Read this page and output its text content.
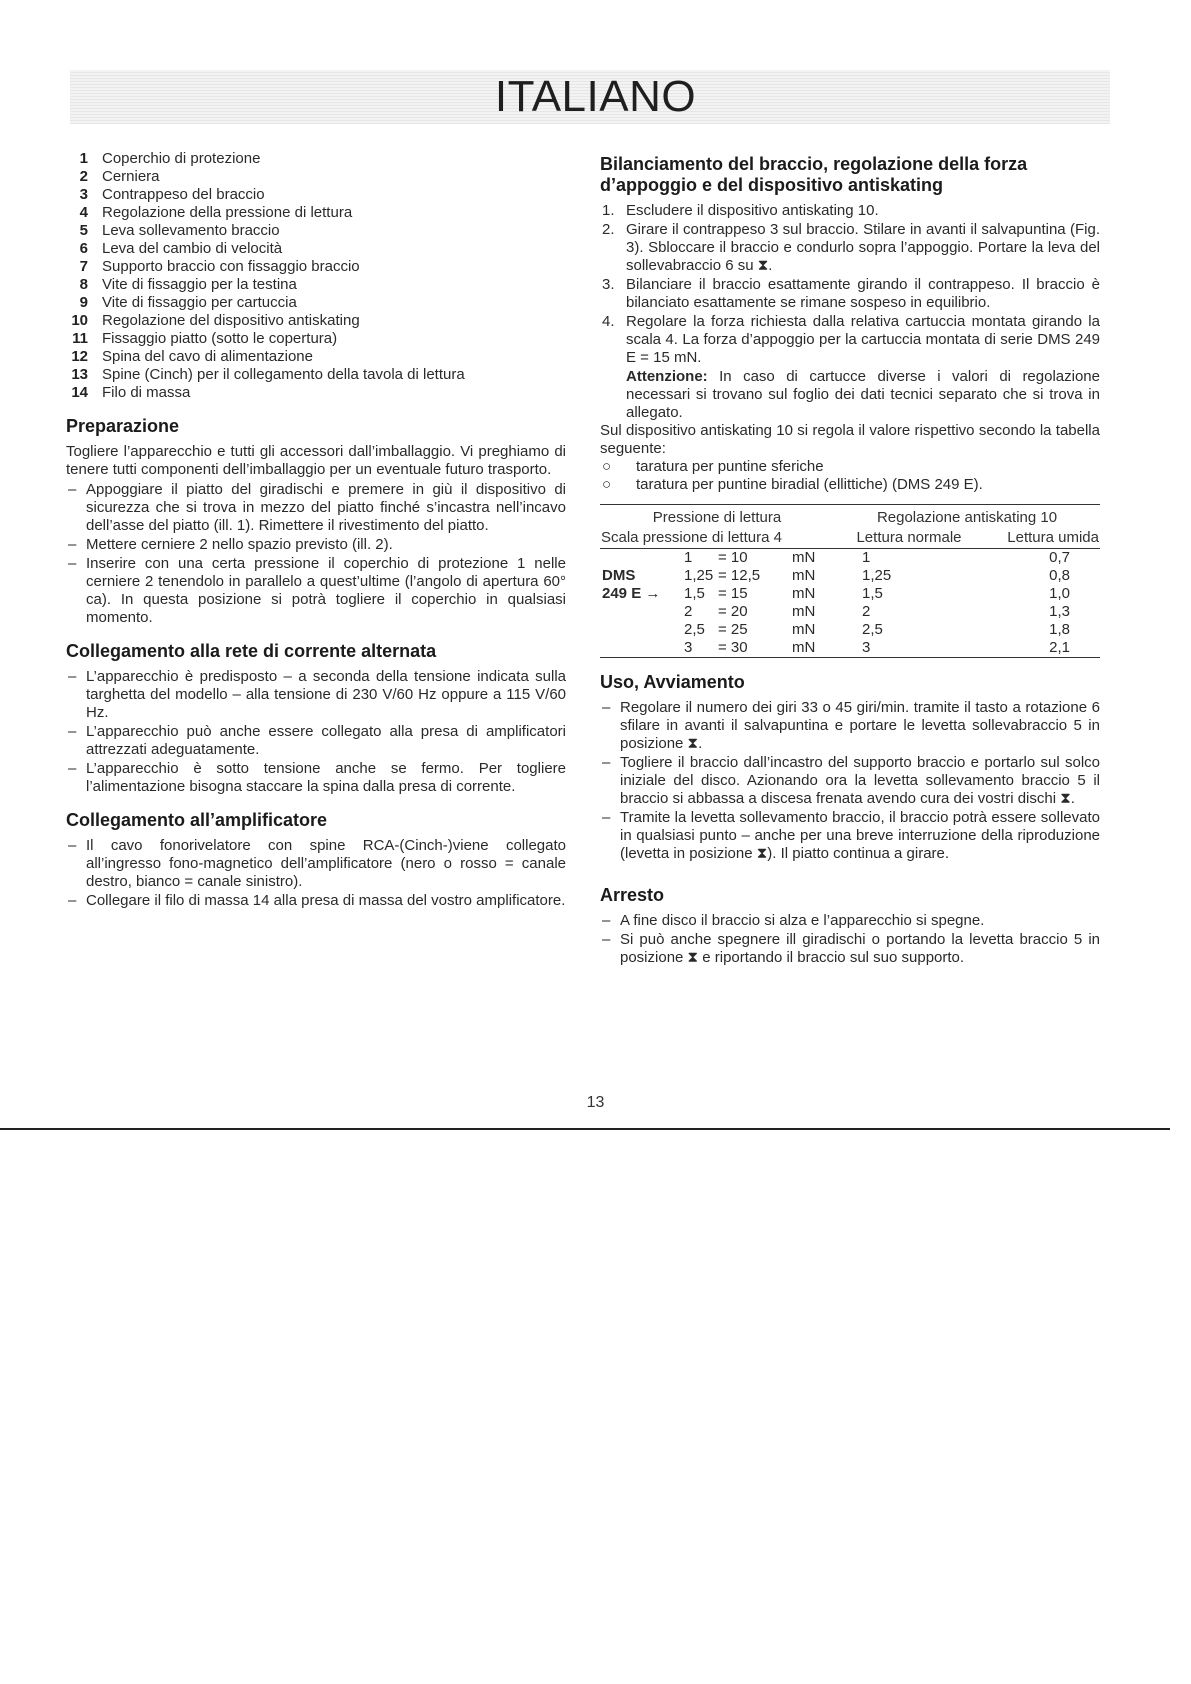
ITALIANO
1 Coperchio di protezione
2 Cerniera
3 Contrappeso del braccio
4 Regolazione della pressione di lettura
5 Leva sollevamento braccio
6 Leva del cambio di velocità
7 Supporto braccio con fissaggio braccio
8 Vite di fissaggio per la testina
9 Vite di fissaggio per cartuccia
10 Regolazione del dispositivo antiskating
11 Fissaggio piatto (sotto le copertura)
12 Spina del cavo di alimentazione
13 Spine (Cinch) per il collegamento della tavola di lettura
14 Filo di massa
Preparazione

Togliere l’apparecchio e tutti gli accessori dall’imballaggio. Vi preghiamo di tenere tutti componenti dell’imballaggio per un eventuale futuro trasporto.

– Appoggiare il piatto del giradischi e premere in giù il dispositivo di sicurezza che si trova in mezzo del piatto finché s’incastra nell’incavo dell’asse del piatto (ill. 1). Rimettere il rivestimento del piatto.
– Mettere cerniere 2 nello spazio previsto (ill. 2).
– Inserire con una certa pressione il coperchio di protezione 1 nelle cerniere 2 tenendolo in parallelo a quest’ultime (l’angolo di apertura 60° ca). In questa posizione si potrà togliere il coperchio in qualsiasi momento.
Collegamento alla rete di corrente alternata
– L’apparecchio è predisposto – a seconda della tensione indicata sulla targhetta del modello – alla tensione di 230 V/60 Hz oppure a 115 V/60 Hz.
– L’apparecchio può anche essere collegato alla presa di amplificatori attrezzati adeguatamente.
– L’apparecchio è sotto tensione anche se fermo. Per togliere l’alimentazione bisogna staccare la spina dalla presa di corrente.
Collegamento all’amplificatore
– Il cavo fonorivelatore con spine RCA-(Cinch-)viene collegato all’ingresso fono-magnetico dell’amplificatore (nero o rosso = canale destro, bianco = canale sinistro).
– Collegare il filo di massa 14 alla presa di massa del vostro amplificatore.
Bilanciamento del braccio, regolazione della forza d’appoggio e del dispositivo antiskating
1. Escludere il dispositivo antiskating 10.
2. Girare il contrappeso 3 sul braccio. Stilare in avanti il salvapuntina (Fig. 3). Sbloccare il braccio e condurlo sopra l’appoggio. Portare la leva del sollevabraccio 6 su ⧗.
3. Bilanciare il braccio esattamente girando il contrappeso. Il braccio è bilanciato esattamente se rimane sospeso in equilibrio.
4. Regolare la forza richiesta dalla relativa cartuccia montata girando la scala 4. La forza d’appoggio per la cartuccia montata di serie DMS 249 E = 15 mN.

Attenzione: In caso di cartucce diverse i valori di regolazione necessari si trovano sul foglio dei dati tecnici separato che si trova in allegato.

Sul dispositivo antiskating 10 si regola il valore rispettivo secondo la tabella seguente:

○ taratura per puntine sferiche
○ taratura per puntine biradial (ellittiche) (DMS 249 E).
Pressione di lettura				Regolazione antiskating 10	
Scala pressione di lettura 4				Lettura normale	Lettura umida
	1	= 10	mN	1	0,7
DMS	1,25	= 12,5	mN	1,25	0,8
249 E →	1,5	= 15	mN	1,5	1,0
	2	= 20	mN	2	1,3
	2,5	= 25	mN	2,5	1,8
	3	= 30	mN	3	2,1
Uso, Avviamento
– Regolare il numero dei giri 33 o 45 giri/min. tramite il tasto a rotazione 6 sfilare in avanti il salvapuntina e portare le levetta sollevabraccio 5 in posizione ⧗.
– Togliere il braccio dall’incastro del supporto braccio e portarlo sul solco iniziale del disco. Azionando ora la levetta sollevamento braccio 5 il braccio si abbassa a discesa frenata avendo cura dei vostri dischi ⧗.
– Tramite la levetta sollevamento braccio, il braccio potrà essere sollevato in qualsiasi punto – anche per una breve interruzione della riproduzione (levetta in posizione ⧗). Il piatto continua a girare.
Arresto
– A fine disco il braccio si alza e l’apparecchio si spegne.
– Si può anche spegnere ill giradischi o portando la levetta braccio 5 in posizione ⧗ e riportando il braccio sul suo supporto.
13
